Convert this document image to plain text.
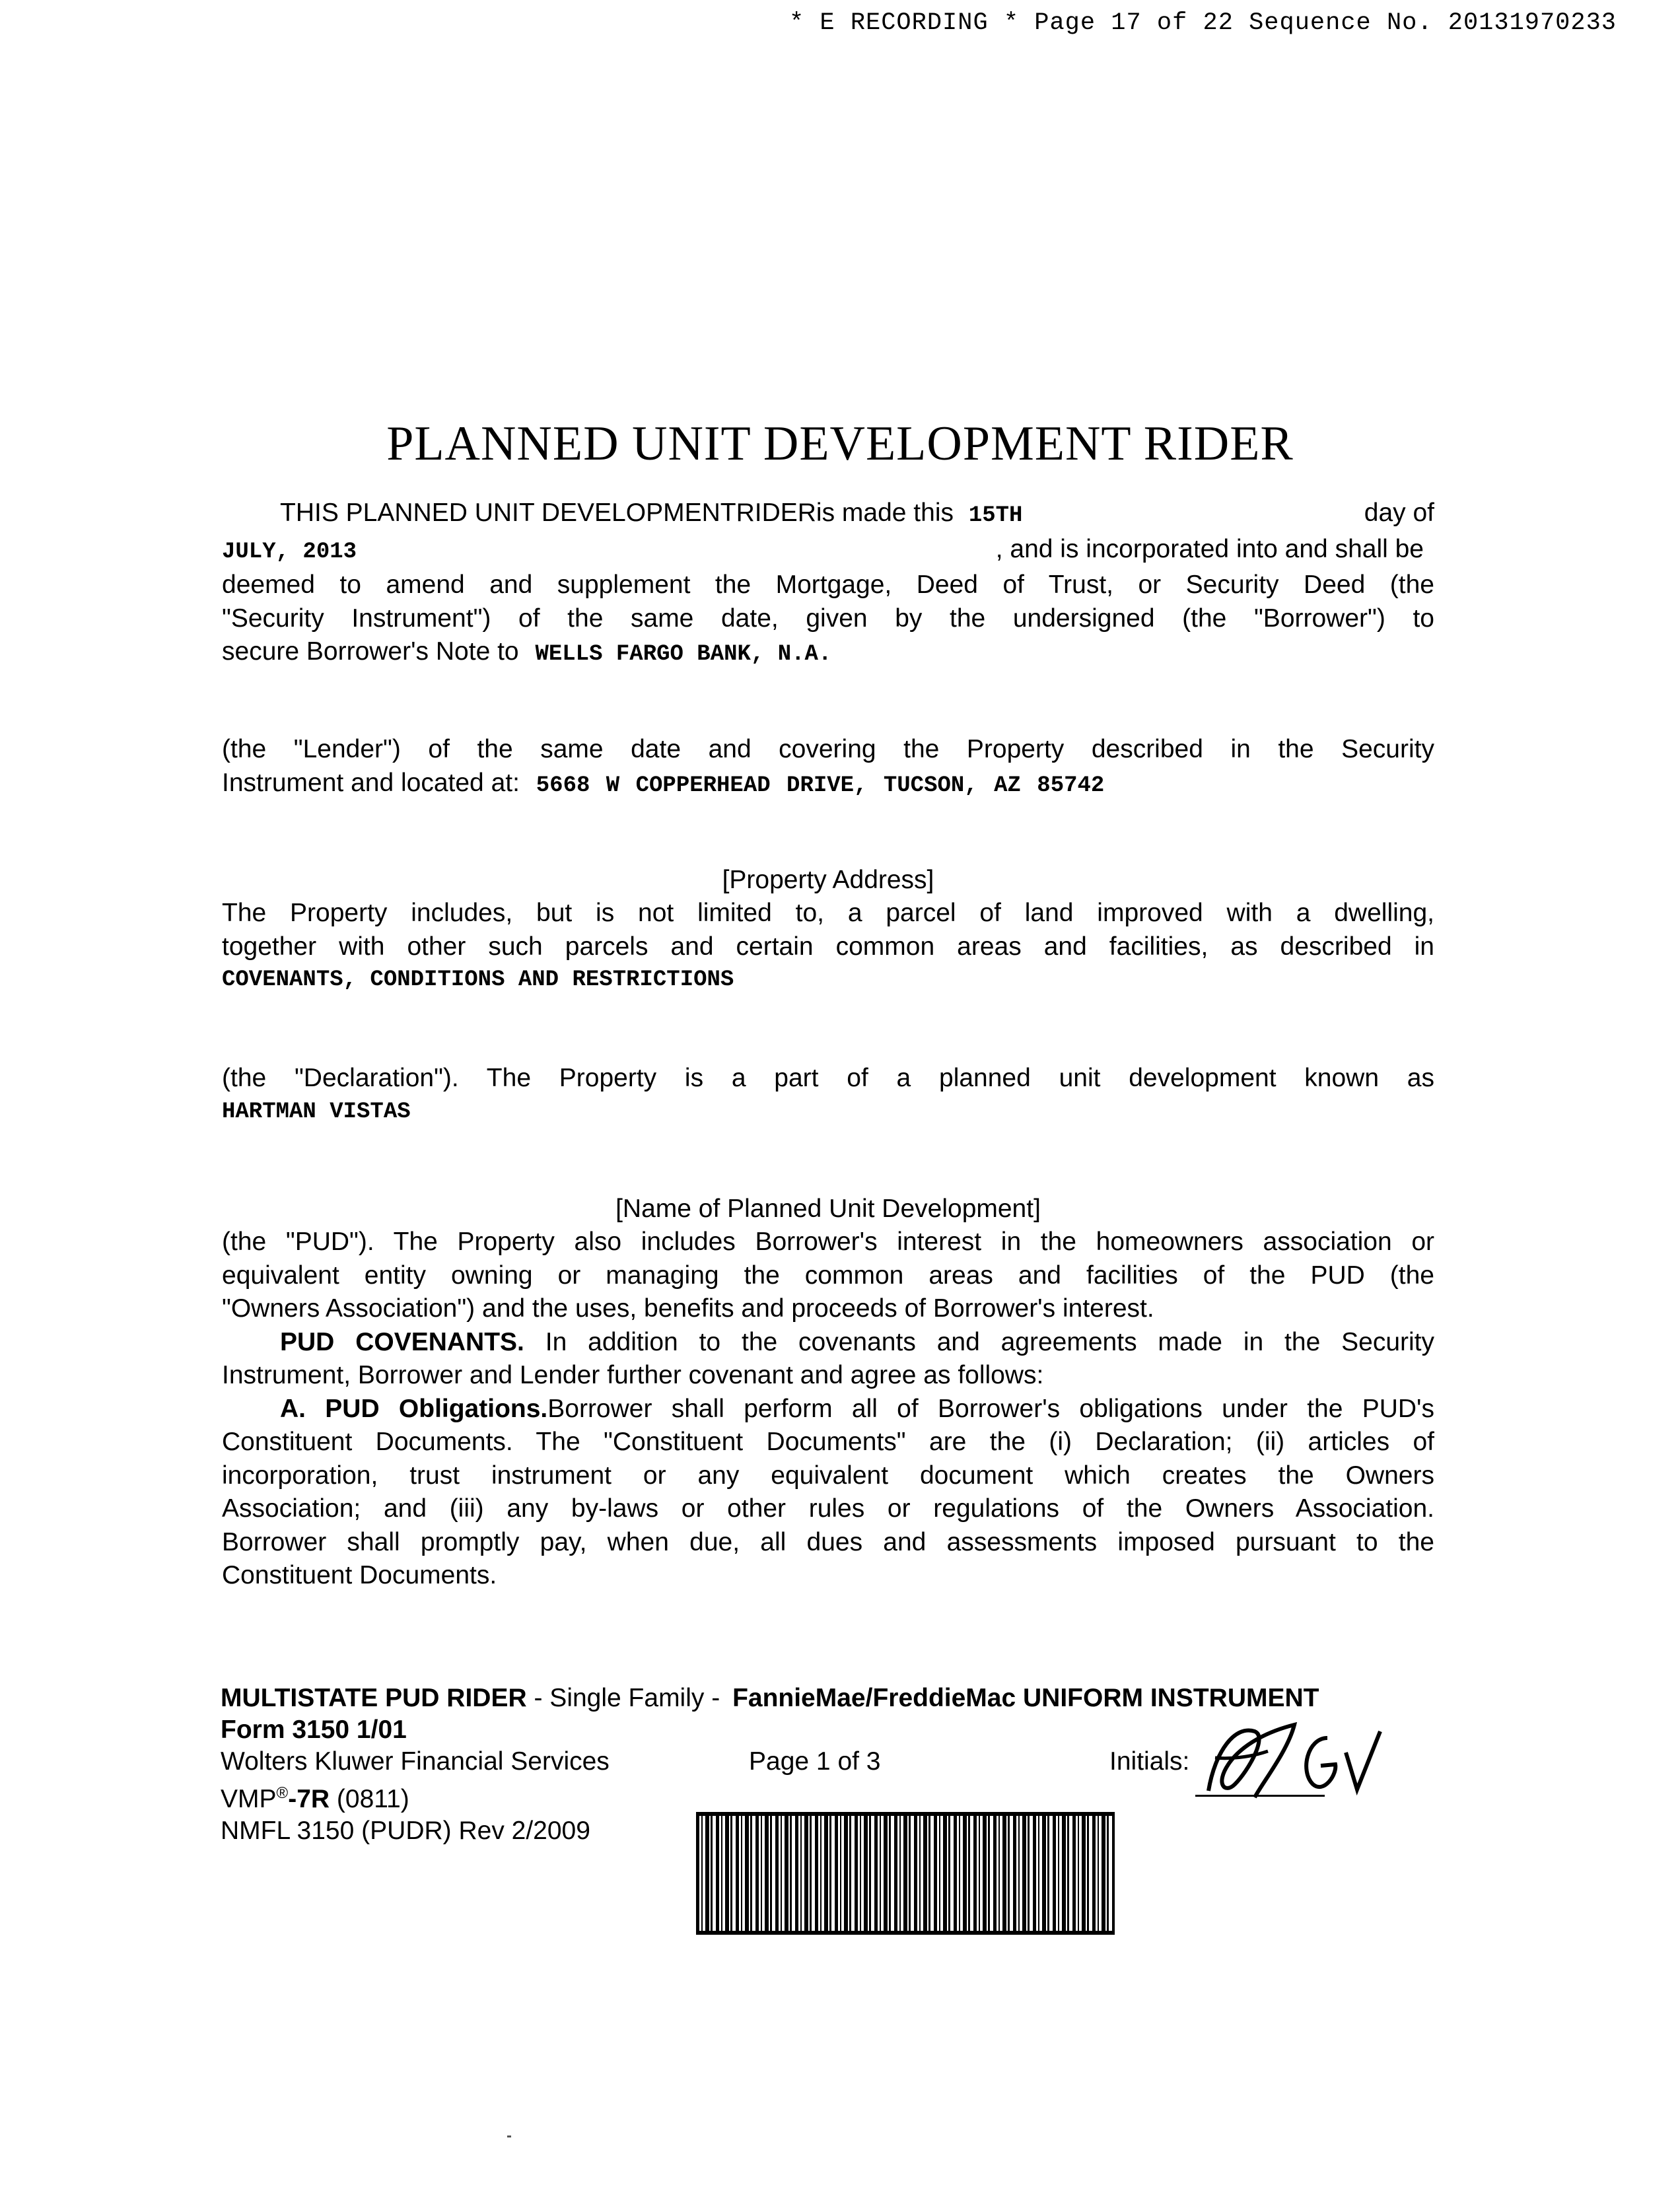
* E RECORDING * Page 17 of 22 Sequence No. 20131970233
PLANNED UNIT DEVELOPMENT RIDER
THIS PLANNED UNIT DEVELOPMENTRIDERis made this 15TH	day of
JULY, 2013	, and is incorporated into and shall be
deemed to amend and supplement the Mortgage, Deed of Trust, or Security Deed (the
"Security Instrument") of the same date, given by the undersigned (the "Borrower") to
secure Borrower's Note to WELLS FARGO BANK, N.A.
(the "Lender") of the same date and covering the Property described in the Security
Instrument and located at: 5668 W COPPERHEAD DRIVE, TUCSON, AZ 85742
[Property Address]
The Property includes, but is not limited to, a parcel of land improved with a dwelling,
together with other such parcels and certain common areas and facilities, as described in
COVENANTS, CONDITIONS AND RESTRICTIONS
(the "Declaration"). The Property is a part of a planned unit development known as
HARTMAN VISTAS
[Name of Planned Unit Development]
(the "PUD"). The Property also includes Borrower's interest in the homeowners association or
equivalent entity owning or managing the common areas and facilities of the PUD (the
"Owners Association") and the uses, benefits and proceeds of Borrower's interest.
PUD COVENANTS. In addition to the covenants and agreements made in the Security
Instrument, Borrower and Lender further covenant and agree as follows:
A. PUD Obligations.Borrower shall perform all of Borrower's obligations under the PUD's
Constituent Documents. The "Constituent Documents" are the (i) Declaration; (ii) articles of
incorporation, trust instrument or any equivalent document which creates the Owners
Association; and (iii) any by-laws or other rules or regulations of the Owners Association.
Borrower shall promptly pay, when due, all dues and assessments imposed pursuant to the
Constituent Documents.
MULTISTATE PUD RIDER - Single Family - FannieMae/FreddieMac UNIFORM INSTRUMENT
Form 3150 1/01
Wolters Kluwer Financial Services	Page 1 of 3	Initials:
VMP®-7R (0811)
NMFL 3150 (PUDR) Rev 2/2009
